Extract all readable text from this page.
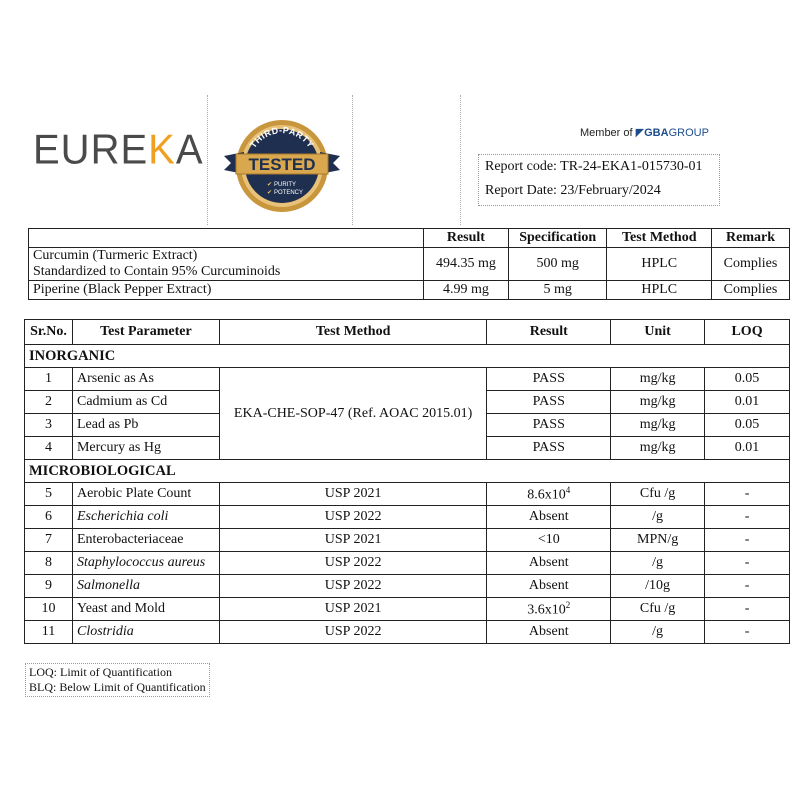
EUREKA	THIRD-PARTY
TESTED
✔ PURITY
✔ POTENCY
Member of ◤GBAGROUP
Report code: TR-24-EKA1-015730-01
Report Date: 23/February/2024
	Result	Specification	Test Method	Remark
Curcumin (Turmeric Extract)
Standardized to Contain 95% Curcuminoids	494.35 mg	500 mg	HPLC	Complies
Piperine (Black Pepper Extract)	4.99 mg	5 mg	HPLC	Complies
Sr.No.	Test Parameter	Test Method	Result	Unit	LOQ
INORGANIC					
1	Arsenic as As	EKA-CHE-SOP-47 (Ref. AOAC 2015.01)	PASS	mg/kg	0.05
2	Cadmium as Cd		PASS	mg/kg	0.01
3	Lead as Pb		PASS	mg/kg	0.05
4	Mercury as Hg		PASS	mg/kg	0.01
MICROBIOLOGICAL					
5	Aerobic Plate Count	USP 2021	$8.6x10^4$	Cfu /g	-
6	Escherichia coli	USP 2022	Absent	/g	-
7	Enterobacteriaceae	USP 2021	<10	MPN/g	-
8	Staphylococcus aureus	USP 2022	Absent	/g	-
9	Salmonella	USP 2022	Absent	/10g	-
10	Yeast and Mold	USP 2021	$3.6x10^2$	Cfu /g	-
11	Clostridia	USP 2022	Absent	/g	-
LOQ: Limit of Quantification
BLQ: Below Limit of Quantification
